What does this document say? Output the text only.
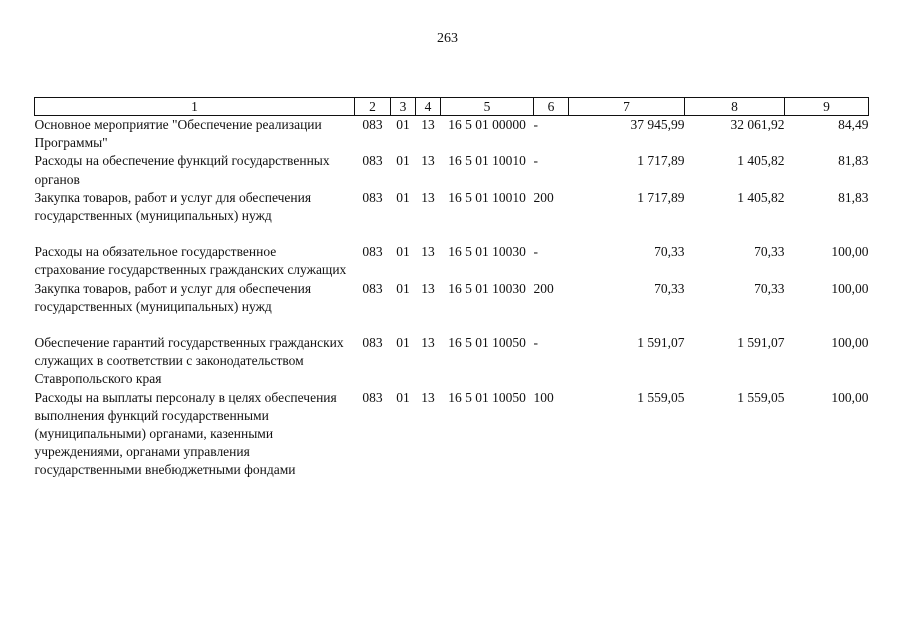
263
1	2	3	4	5	6	7	8	9
Основное мероприятие "Обеспечение реализации Программы"	083	01	13	16 5 01 00000	-	37 945,99	32 061,92	84,49
Расходы на обеспечение функций государственных органов	083	01	13	16 5 01 10010	-	1 717,89	1 405,82	81,83
Закупка товаров, работ и услуг для обеспечения государственных (муниципальных) нужд	083	01	13	16 5 01 10010	200	1 717,89	1 405,82	81,83

Расходы на обязательное государственное страхование государственных гражданских служащих	083	01	13	16 5 01 10030	-	70,33	70,33	100,00
Закупка товаров, работ и услуг для обеспечения государственных (муниципальных) нужд	083	01	13	16 5 01 10030	200	70,33	70,33	100,00

Обеспечение гарантий государственных гражданских служащих в соответствии с законодательством Ставропольского края	083	01	13	16 5 01 10050	-	1 591,07	1 591,07	100,00
Расходы на выплаты персоналу в целях обеспечения выполнения функций государственными (муниципальными) органами, казенными учреждениями, органами управления государственными внебюджетными фондами	083	01	13	16 5 01 10050	100	1 559,05	1 559,05	100,00
